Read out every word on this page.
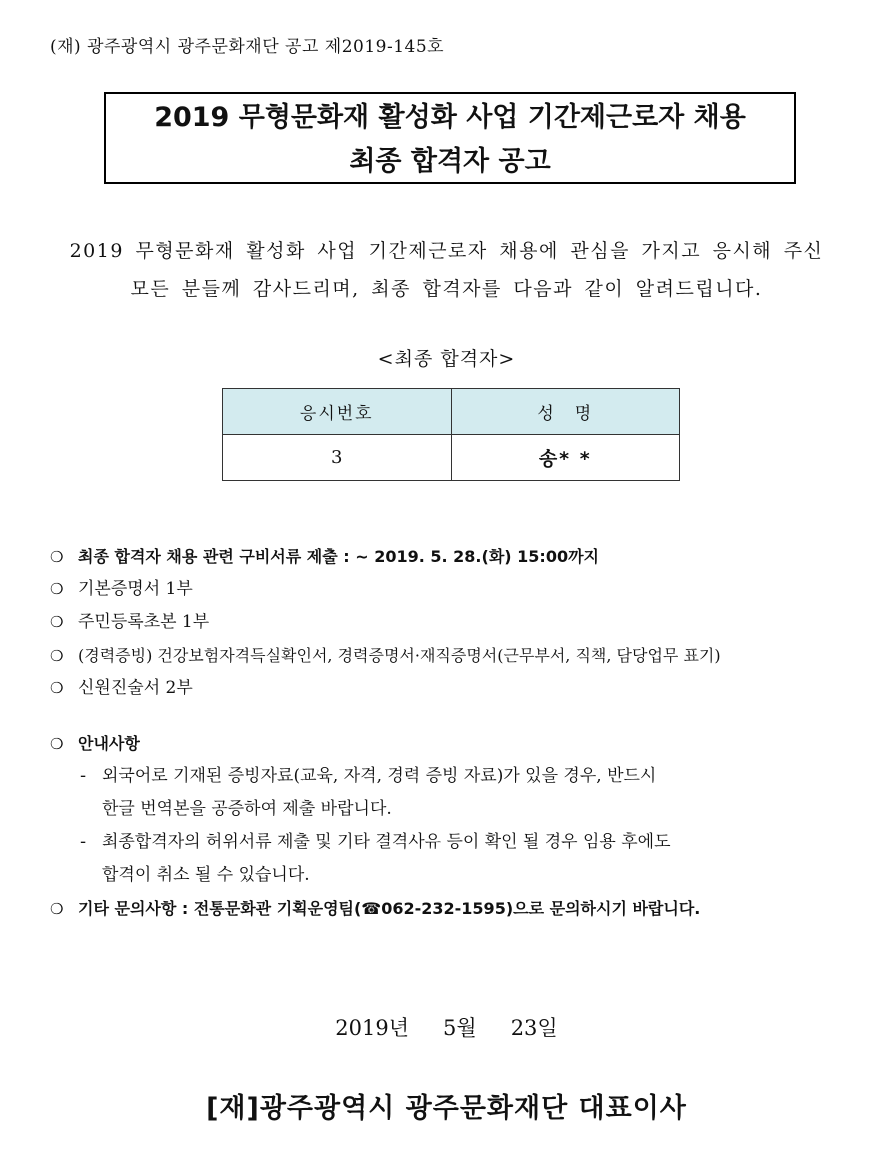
(재) 광주광역시 광주문화재단 공고 제2019-145호
2019 무형문화재 활성화 사업 기간제근로자 채용
최종 합격자 공고
2019 무형문화재 활성화 사업 기간제근로자 채용에 관심을 가지고 응시해 주신
모든 분들께 감사드리며, 최종 합격자를 다음과 같이 알려드립니다.
<최종 합격자>
응시번호	성　명
3	송* *
❍ 최종 합격자 채용 관련 구비서류 제출 : ~ 2019. 5. 28.(화) 15:00까지
❍ 기본증명서 1부
❍ 주민등록초본 1부
❍ (경력증빙) 건강보험자격득실확인서, 경력증명서·재직증명서(근무부서, 직책, 담당업무 표기)
❍ 신원진술서 2부
❍ 안내사항
- 외국어로 기재된 증빙자료(교육, 자격, 경력 증빙 자료)가 있을 경우, 반드시
한글 번역본을 공증하여 제출 바랍니다.
- 최종합격자의 허위서류 제출 및 기타 결격사유 등이 확인 될 경우 임용 후에도
합격이 취소 될 수 있습니다.
❍ 기타 문의사항 : 전통문화관 기획운영팀(☎062-232-1595)으로 문의하시기 바랍니다.
2019년 5월 23일
[재]광주광역시 광주문화재단 대표이사
